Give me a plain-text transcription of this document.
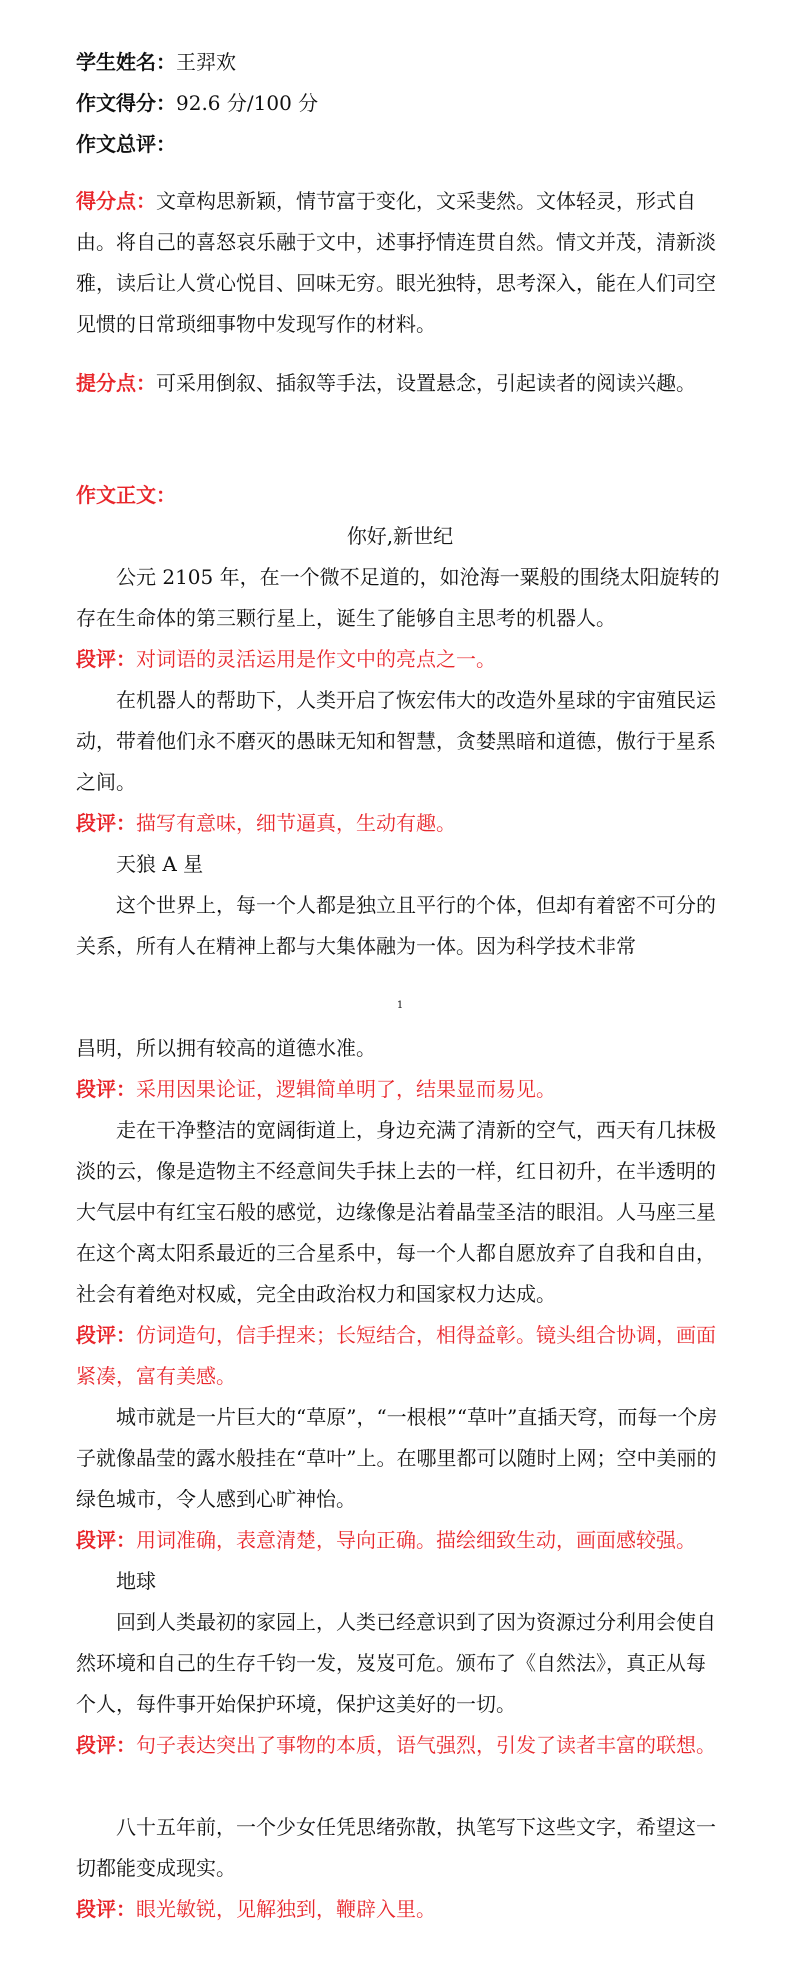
学生姓名：王羿欢

作文得分：92.6 分/100 分

作文总评：

得分点：文章构思新颖，情节富于变化，文采斐然。文体轻灵，形式自由。将自己的喜怒哀乐融于文中，述事抒情连贯自然。情文并茂，清新淡雅，读后让人赏心悦目、回味无穷。眼光独特，思考深入，能在人们司空见惯的日常琐细事物中发现写作的材料。

提分点：可采用倒叙、插叙等手法，设置悬念，引起读者的阅读兴趣。

作文正文：

你好,新世纪

公元 2105 年，在一个微不足道的，如沧海一粟般的围绕太阳旋转的存在生命体的第三颗行星上，诞生了能够自主思考的机器人。

段评：对词语的灵活运用是作文中的亮点之一。

在机器人的帮助下，人类开启了恢宏伟大的改造外星球的宇宙殖民运动，带着他们永不磨灭的愚昧无知和智慧，贪婪黑暗和道德，傲行于星系之间。

段评：描写有意味，细节逼真，生动有趣。

天狼 A 星

这个世界上，每一个人都是独立且平行的个体，但却有着密不可分的关系，所有人在精神上都与大集体融为一体。因为科学技术非常

1

昌明，所以拥有较高的道德水准。

段评：采用因果论证，逻辑简单明了，结果显而易见。

走在干净整洁的宽阔街道上，身边充满了清新的空气，西天有几抹极淡的云，像是造物主不经意间失手抹上去的一样，红日初升，在半透明的大气层中有红宝石般的感觉，边缘像是沾着晶莹圣洁的眼泪。人马座三星在这个离太阳系最近的三合星系中，每一个人都自愿放弃了自我和自由，社会有着绝对权威，完全由政治权力和国家权力达成。

段评：仿词造句，信手捏来；长短结合，相得益彰。镜头组合协调，画面紧凑，富有美感。

城市就是一片巨大的“草原”，“一根根”“草叶”直插天穹，而每一个房子就像晶莹的露水般挂在“草叶”上。在哪里都可以随时上网；空中美丽的绿色城市，令人感到心旷神怡。

段评：用词准确，表意清楚，导向正确。描绘细致生动，画面感较强。

地球

回到人类最初的家园上，人类已经意识到了因为资源过分利用会使自然环境和自己的生存千钧一发，岌岌可危。颁布了《自然法》，真正从每个人，每件事开始保护环境，保护这美好的一切。

段评：句子表达突出了事物的本质，语气强烈，引发了读者丰富的联想。

八十五年前，一个少女任凭思绪弥散，执笔写下这些文字，希望这一切都能变成现实。

段评：眼光敏锐，见解独到，鞭辟入里。
